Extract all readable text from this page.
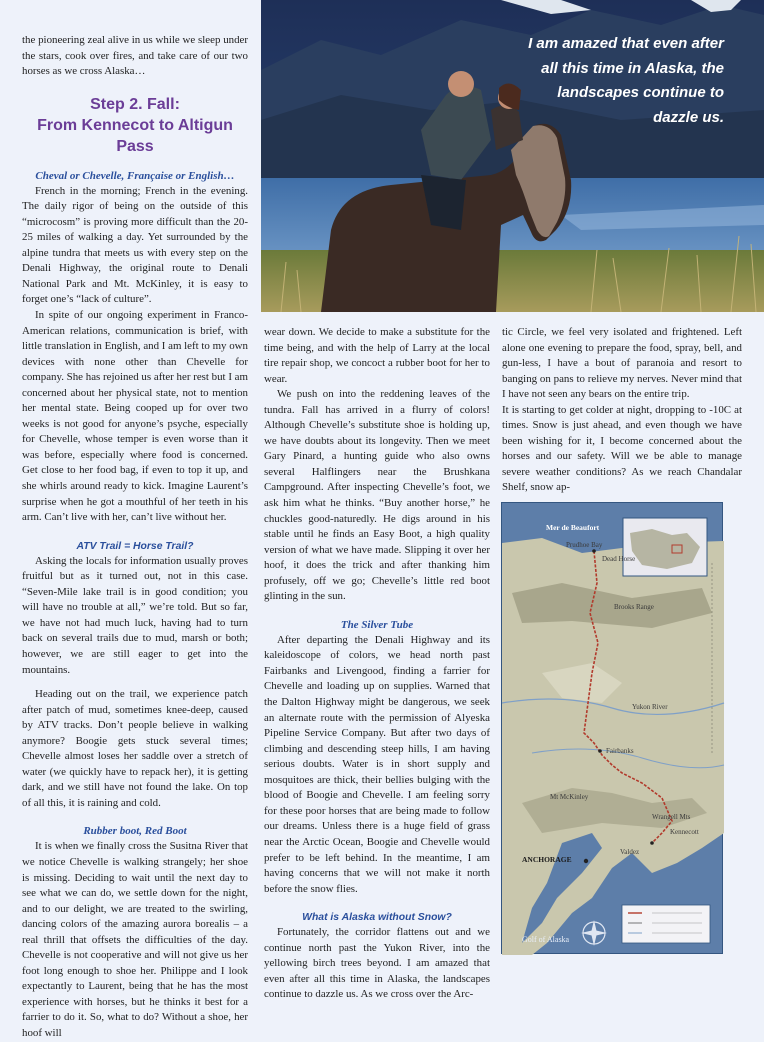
the pioneering zeal alive in us while we sleep under the stars, cook over fires, and take care of our two horses as we cross Alaska…

Step 2. Fall:
From Kennecot to Altigun Pass
Cheval or Chevelle, Française or English…

French in the morning; French in the evening. The daily rigor of being on the outside of this “microcosm” is proving more difficult than the 20-25 miles of walking a day. Yet surrounded by the alpine tundra that meets us with every step on the Denali Highway, the original route to Denali National Park and Mt. McKinley, it is easy to forget one’s “lack of culture”.

In spite of our ongoing experiment in Franco-American relations, communication is brief, with little translation in English, and I am left to my own devices with none other than Chevelle for company. She has rejoined us after her rest but I am concerned about her physical state, not to mention her mental state. Being cooped up for over two weeks is not good for anyone’s psyche, especially for Chevelle, whose temper is even worse than it was before, especially where food is concerned. Get close to her food bag, if even to top it up, and she whirls around ready to kick. Imagine Laurent’s surprise when he got a mouthful of her teeth in his arm. Can’t live with her, can’t live without her.

ATV Trail = Horse Trail?

Asking the locals for information usually proves fruitful but as it turned out, not in this case. “Seven-Mile lake trail is in good condition; you will have no trouble at all,” we’re told. But so far, we have not had much luck, having had to turn back on several trails due to mud, marsh or both; however, we are still eager to get into the mountains.

Heading out on the trail, we experience patch after patch of mud, sometimes knee-deep, caused by ATV tracks. Don’t people believe in walking anymore? Boogie gets stuck several times; Chevelle almost loses her saddle over a stretch of water (we quickly have to repack her), it is getting dark, and we still have not found the lake. On top of all this, it is raining and cold.

Rubber boot, Red Boot

It is when we finally cross the Susitna River that we notice Chevelle is walking strangely; her shoe is missing. Deciding to wait until the next day to see what we can do, we settle down for the night, and to our delight, we are treated to the swirling, dancing colors of the amazing aurora borealis – a real thrill that offsets the difficulties of the day. Chevelle is not cooperative and will not give us her foot long enough to shoe her. Philippe and I look expectantly to Laurent, being that he has the most experience with horses, but he thinks it best for a farrier to do it. So, what to do? Without a shoe, her hoof will

I am amazed that even after all this time in Alaska, the landscapes continue to dazzle us.

wear down. We decide to make a substitute for the time being, and with the help of Larry at the local tire repair shop, we concoct a rubber boot for her to wear.

We push on into the reddening leaves of the tundra. Fall has arrived in a flurry of colors! Although Chevelle’s substitute shoe is holding up, we have doubts about its longevity. Then we meet Gary Pinard, a hunting guide who also owns several Halflingers near the Brushkana Campground. After inspecting Chevelle’s foot, we ask him what he thinks. “Buy another horse,” he chuckles good-naturedly. He digs around in his stable until he finds an Easy Boot, a high quality version of what we have made. Slipping it over her hoof, it does the trick and after thanking him profusely, off we go; Chevelle’s little red boot glinting in the sun.

The Silver Tube

After departing the Denali Highway and its kaleidoscope of colors, we head north past Fairbanks and Livengood, finding a farrier for Chevelle and loading up on supplies. Warned that the Dalton Highway might be dangerous, we seek an alternate route with the permission of Alyeska Pipeline Service Company. But after two days of climbing and descending steep hills, I am having serious doubts. Water is in short supply and mosquitoes are thick, their bellies bulging with the blood of Boogie and Chevelle. I am feeling sorry for these poor horses that are being made to follow our dreams. Unless there is a huge field of grass near the Arctic Ocean, Boogie and Chevelle would prefer to be left behind. In the meantime, I am having concerns that we will not make it north before the snow flies.

What is Alaska without Snow?

Fortunately, the corridor flattens out and we continue north past the Yukon River, into the yellowing birch trees beyond. I am amazed that even after all this time in Alaska, the landscapes continue to dazzle us. As we cross over the Arc-

tic Circle, we feel very isolated and frightened. Left alone one evening to prepare the food, spray, bell, and gun-less, I have a bout of paranoia and resort to banging on pans to relieve my nerves. Never mind that I have not seen any bears on the entire trip.

It is starting to get colder at night, dropping to -10C at times. Snow is just ahead, and even though we have been wishing for it, I become concerned about the horses and our safety. Will we be able to manage severe weather conditions? As we reach Chandalar Shelf, snow ap-

Mer de Beaufort
Prudhoe Bay
Dead Horse
Brooks Range
Yukon River
Fairbanks
Mt McKinley
Wrangell Mts
Kennecott
ANCHORAGE
Valdez
Golf of Alaska
